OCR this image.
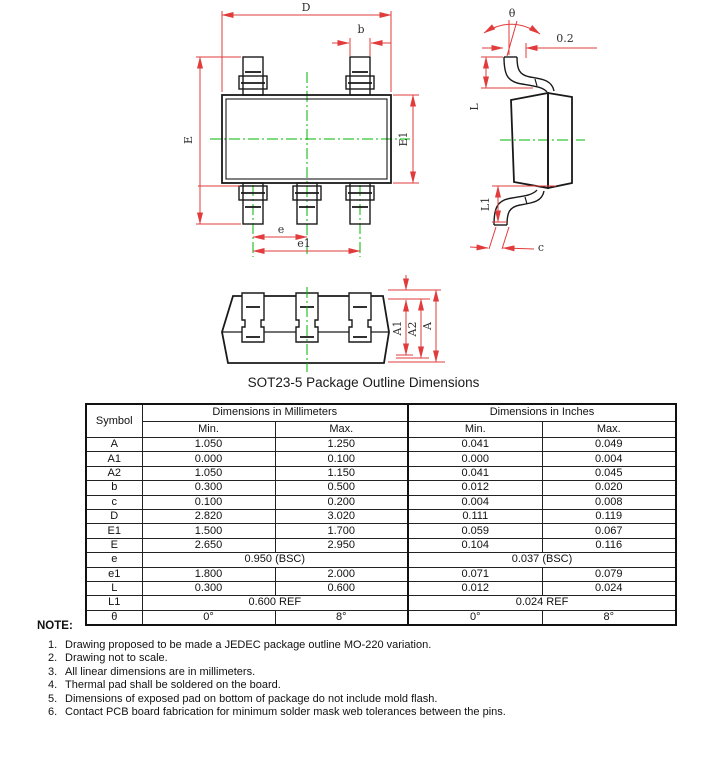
D
b
E	E1
e
e1
θ
0.2
L
L1
c
A1 A2 A
SOT23-5 Package Outline Dimensions
Symbol	Dimensions in Millimeters		Dimensions in Inches	
	Min.	Max.	Min.	Max.
A	1.050	1.250	0.041	0.049
A1	0.000	0.100	0.000	0.004
A2	1.050	1.150	0.041	0.045
b	0.300	0.500	0.012	0.020
c	0.100	0.200	0.004	0.008
D	2.820	3.020	0.111	0.119
E1	1.500	1.700	0.059	0.067
E	2.650	2.950	0.104	0.116
e	0.950 (BSC)		0.037 (BSC)	
e1	1.800	2.000	0.071	0.079
L	0.300	0.600	0.012	0.024
L1	0.600 REF		0.024 REF	
θ	0°	8°	0°	8°
NOTE:
1. Drawing proposed to be made a JEDEC package outline MO-220 variation.
2. Drawing not to scale.
3. All linear dimensions are in millimeters.
4. Thermal pad shall be soldered on the board.
5. Dimensions of exposed pad on bottom of package do not include mold flash.
6. Contact PCB board fabrication for minimum solder mask web tolerances between the pins.
